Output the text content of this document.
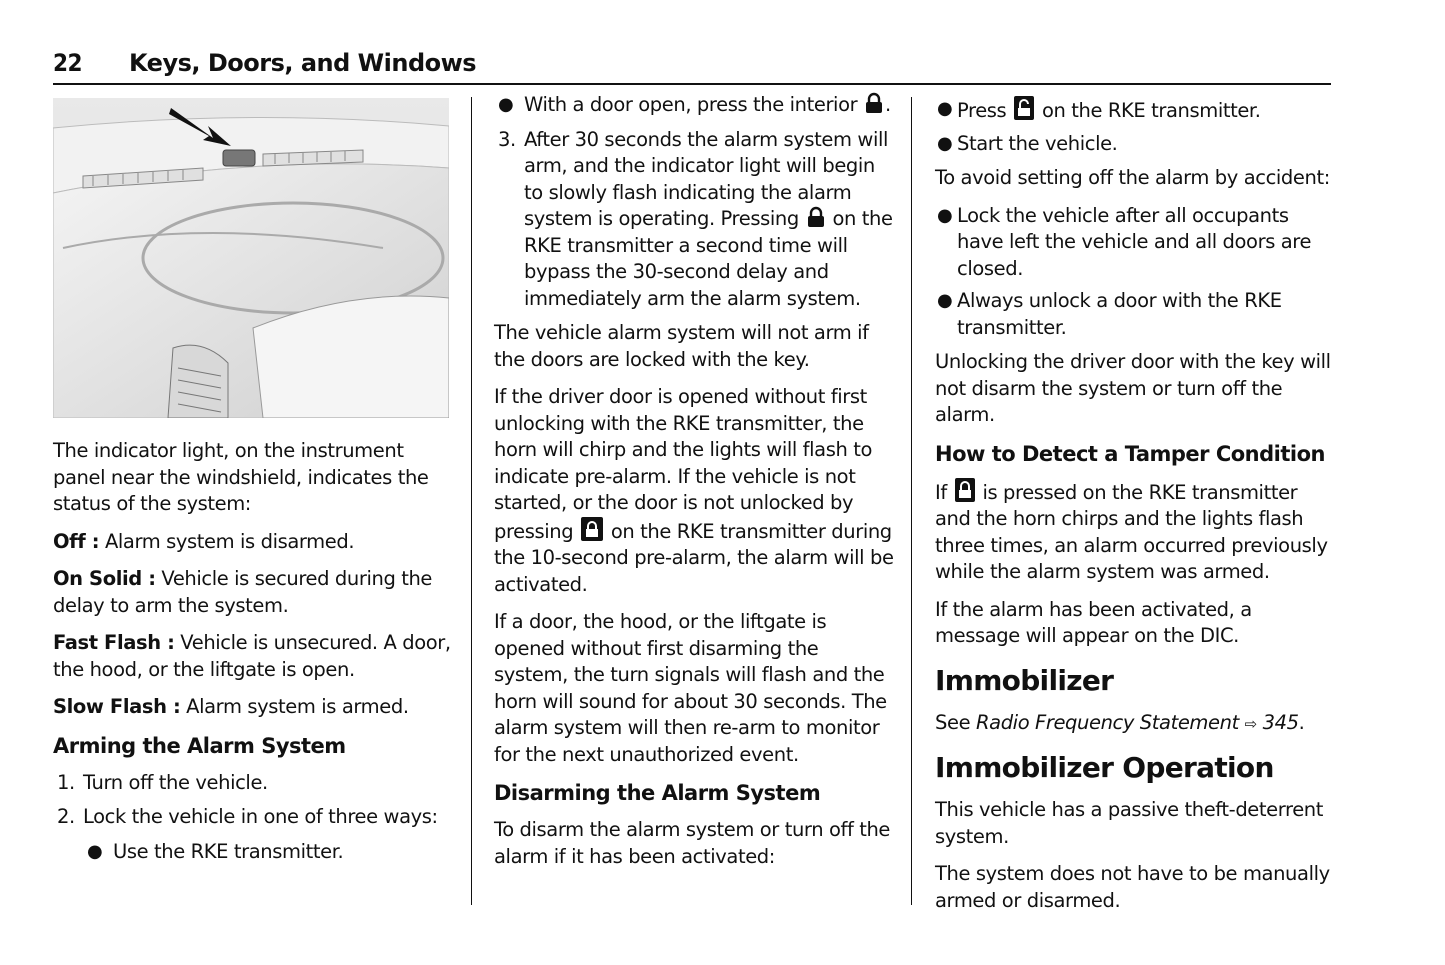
22 Keys, Doors, and Windows

The indicator light, on the instrument panel near the windshield, indicates the status of the system:

Off : Alarm system is disarmed.

On Solid : Vehicle is secured during the delay to arm the system.

Fast Flash : Vehicle is unsecured. A door, the hood, or the liftgate is open.

Slow Flash : Alarm system is armed.

Arming the Alarm System
1. Turn off the vehicle.
2. Lock the vehicle in one of three ways:
● Use the RKE transmitter.
● With a door open, press the interior .
3. After 30 seconds the alarm system will arm, and the indicator light will begin to slowly flash indicating the alarm system is operating. Pressing on the RKE transmitter a second time will bypass the 30-second delay and immediately arm the alarm system.

The vehicle alarm system will not arm if the doors are locked with the key.

If the driver door is opened without first unlocking with the RKE transmitter, the horn will chirp and the lights will flash to indicate pre-alarm. If the vehicle is not started, or the door is not unlocked by pressing on the RKE transmitter during the 10-second pre-alarm, the alarm will be activated.

If a door, the hood, or the liftgate is opened without first disarming the system, the turn signals will flash and the horn will sound for about 30 seconds. The alarm system will then re-arm to monitor for the next unauthorized event.

Disarming the Alarm System

To disarm the alarm system or turn off the alarm if it has been activated:

● Press on the RKE transmitter.
● Start the vehicle.

To avoid setting off the alarm by accident:

● Lock the vehicle after all occupants have left the vehicle and all doors are closed.
● Always unlock a door with the RKE transmitter.

Unlocking the driver door with the key will not disarm the system or turn off the alarm.

How to Detect a Tamper Condition

If is pressed on the RKE transmitter and the horn chirps and the lights flash three times, an alarm occurred previously while the alarm system was armed.

If the alarm has been activated, a message will appear on the DIC.

Immobilizer

See Radio Frequency Statement ⇨ 345.

Immobilizer Operation

This vehicle has a passive theft-deterrent system.

The system does not have to be manually armed or disarmed.
